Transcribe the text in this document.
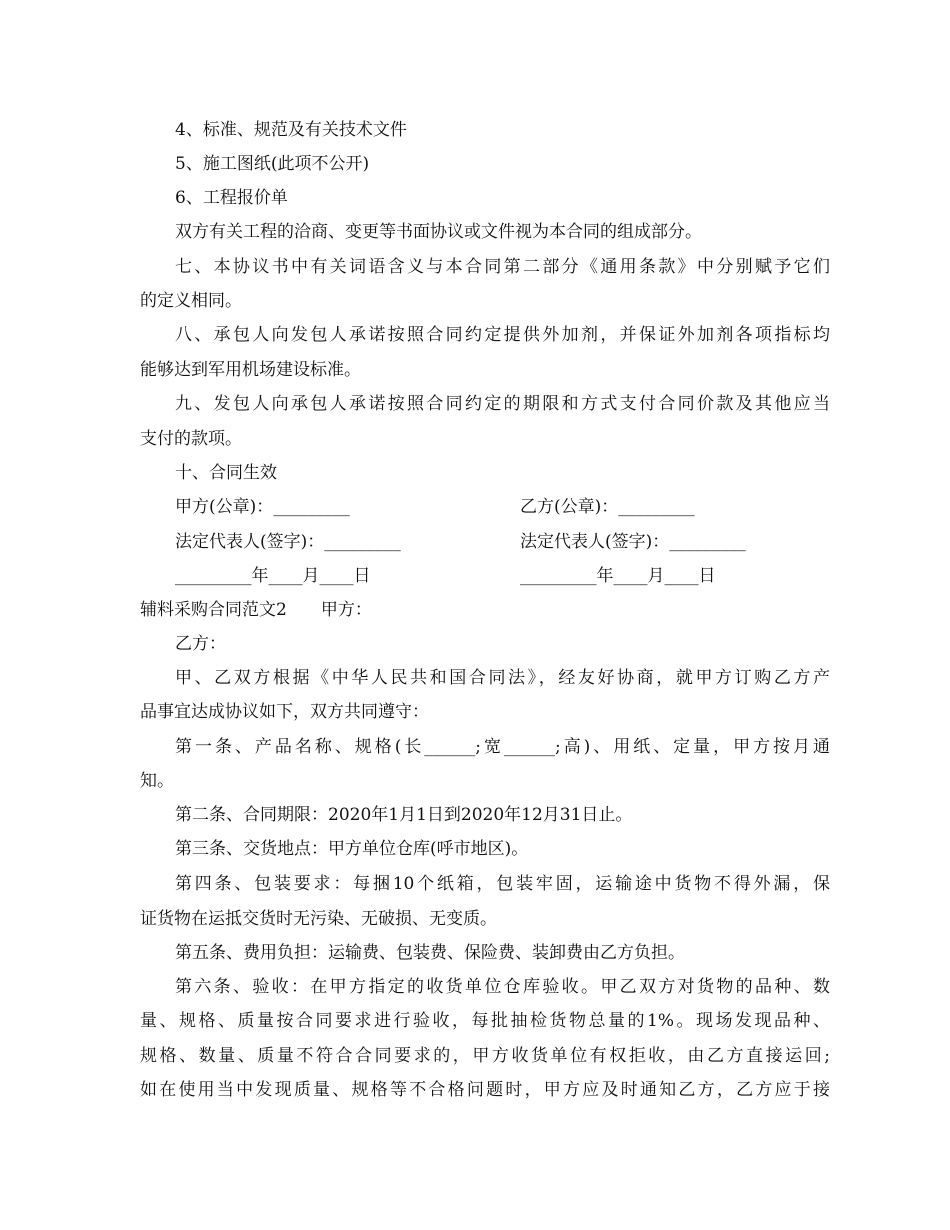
4、标准、规范及有关技术文件
5、施工图纸(此项不公开)
6、工程报价单
双方有关工程的洽商、变更等书面协议或文件视为本合同的组成部分。
七、本协议书中有关词语含义与本合同第二部分《通用条款》中分别赋予它们
的定义相同。
八、承包人向发包人承诺按照合同约定提供外加剂，并保证外加剂各项指标均
能够达到军用机场建设标准。
九、发包人向承包人承诺按照合同约定的期限和方式支付合同价款及其他应当
支付的款项。
十、合同生效
甲方(公章)：_________	乙方(公章)：_________
法定代表人(签字)：_________	法定代表人(签字)：_________
_________年____月____日	_________年____月____日
辅料采购合同范文2　　甲方：
乙方：
甲、乙双方根据《中华人民共和国合同法》，经友好协商，就甲方订购乙方产
品事宜达成协议如下，双方共同遵守：
第一条、产品名称、规格(长______;宽______;高)、用纸、定量，甲方按月通
知。
第二条、合同期限：2020年1月1日到2020年12月31日止。
第三条、交货地点：甲方单位仓库(呼市地区)。
第四条、包装要求：每捆10个纸箱，包装牢固，运输途中货物不得外漏，保
证货物在运抵交货时无污染、无破损、无变质。
第五条、费用负担：运输费、包装费、保险费、装卸费由乙方负担。
第六条、验收：在甲方指定的收货单位仓库验收。甲乙双方对货物的品种、数
量、规格、质量按合同要求进行验收，每批抽检货物总量的1%。现场发现品种、
规格、数量、质量不符合合同要求的，甲方收货单位有权拒收，由乙方直接运回;
如在使用当中发现质量、规格等不合格问题时，甲方应及时通知乙方，乙方应于接
